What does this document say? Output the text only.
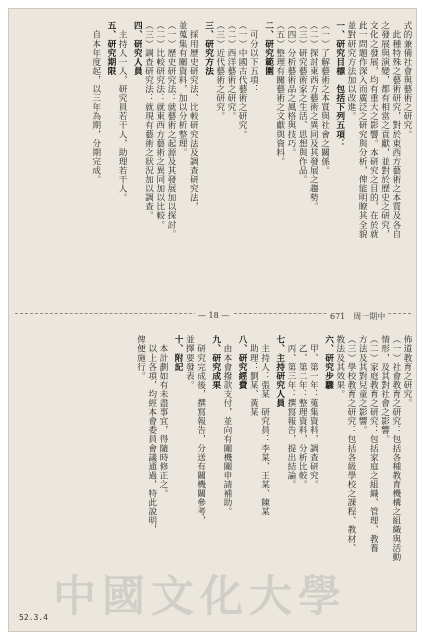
式的兼備社會與藝術之研究。

　此種特殊之藝術研究，對於東西方藝術之本質及各自

之發展與演變，都有相當之貢獻，並對於歷史之研究，

文化之發展，均有重大之影響。本研究之目的，在於就

此一問題作深入而廣泛之研究與分析，俾能明瞭其全貌

並對研究方法加以改進。

一、研究目標　包括下列五項：

（一）了解藝術之本質與社會之關係。

（二）探討東西方藝術之異同及其發展之趨勢。

（三）研究藝術家之生活、思想與作品。

（四）分析藝術品之風格與技巧。

（五）整理有關藝術之文獻與資料。

二、研究範圍

　可分以下五項：

（一）中國古代藝術之研究。

（二）西洋藝術之研究。

（三）近代藝術之研究。

三、研究方法

　採用歷史研究法、比較研究法及調查研究法，

並蒐集有關資料，加以分析整理。

（一）歷史研究法：就藝術之起源及其發展加以探討。

（二）比較研究法：就東西方藝術之異同加以比較。

（三）調查研究法：就現有藝術之狀況加以調查。

四、研究人員

　主持人一人，研究員若干人，助理若干人。

五、研究期限

　自本年度起，以三年為期，分期完成。

— 18 —	671　周一期中

佈道教育之研究。

（一）社會教育之研究：包括各種教育機構之組織與活動

情形，及其對社會之影響。

（二）家庭教育之研究：包括家庭之組織、管理、教養

方法及其對兒童之影響。

（三）學校教育之研究：包括各級學校之課程、教材、

教法及其效果。

六、研究步驟

　甲、第一年：蒐集資料，調查研究。

　乙、第二年：整理資料，分析比較。

　丙、第三年：撰寫報告，提出結論。

七、主持研究人員

　主持人：張某　研究員：李某、王某、陳某

　助理：劉某、黃某

八、研究經費

　由本會撥款支付，並向有關機關申請補助。

九、研究成果

　研究完成後，撰寫報告，分送有關機關參考，

並擇要發表。

十、附記

　本計劃如有未盡事宜，得隨時修正之。

　以上各項，均經本會委員會議通過，特此說明，

俾便施行。

52.3.4 中國文化大學
